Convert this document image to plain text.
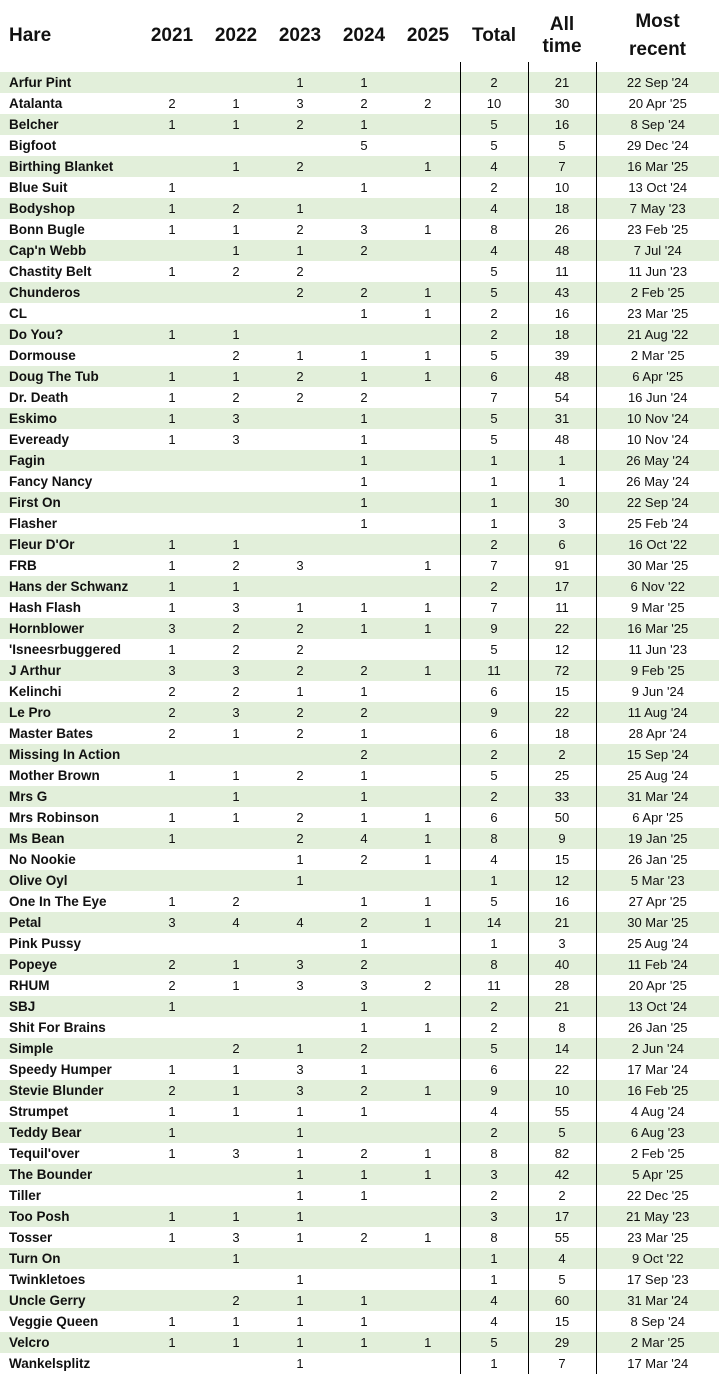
Hare	2021	2022	2023	2024	2025	Total	All time	Most
recent
Arfur Pint			1	1		2	21	22 Sep '24
Atalanta	2	1	3	2	2	10	30	20 Apr '25
Belcher	1	1	2	1		5	16	8 Sep '24
Bigfoot				5		5	5	29 Dec '24
Birthing Blanket		1	2		1	4	7	16 Mar '25
Blue Suit	1			1		2	10	13 Oct '24
Bodyshop	1	2	1			4	18	7 May '23
Bonn Bugle	1	1	2	3	1	8	26	23 Feb '25
Cap'n Webb		1	1	2		4	48	7 Jul '24
Chastity Belt	1	2	2			5	11	11 Jun '23
Chunderos			2	2	1	5	43	2 Feb '25
CL				1	1	2	16	23 Mar '25
Do You?	1	1				2	18	21 Aug '22
Dormouse		2	1	1	1	5	39	2 Mar '25
Doug The Tub	1	1	2	1	1	6	48	6 Apr '25
Dr. Death	1	2	2	2		7	54	16 Jun '24
Eskimo	1	3		1		5	31	10 Nov '24
Eveready	1	3		1		5	48	10 Nov '24
Fagin				1		1	1	26 May '24
Fancy Nancy				1		1	1	26 May '24
First On				1		1	30	22 Sep '24
Flasher				1		1	3	25 Feb '24
Fleur D'Or	1	1				2	6	16 Oct '22
FRB	1	2	3		1	7	91	30 Mar '25
Hans der Schwanz	1	1				2	17	6 Nov '22
Hash Flash	1	3	1	1	1	7	11	9 Mar '25
Hornblower	3	2	2	1	1	9	22	16 Mar '25
'Isneesrbuggered	1	2	2			5	12	11 Jun '23
J Arthur	3	3	2	2	1	11	72	9 Feb '25
Kelinchi	2	2	1	1		6	15	9 Jun '24
Le Pro	2	3	2	2		9	22	11 Aug '24
Master Bates	2	1	2	1		6	18	28 Apr '24
Missing In Action				2		2	2	15 Sep '24
Mother Brown	1	1	2	1		5	25	25 Aug '24
Mrs G		1		1		2	33	31 Mar '24
Mrs Robinson	1	1	2	1	1	6	50	6 Apr '25
Ms Bean	1		2	4	1	8	9	19 Jan '25
No Nookie			1	2	1	4	15	26 Jan '25
Olive Oyl			1			1	12	5 Mar '23
One In The Eye	1	2		1	1	5	16	27 Apr '25
Petal	3	4	4	2	1	14	21	30 Mar '25
Pink Pussy				1		1	3	25 Aug '24
Popeye	2	1	3	2		8	40	11 Feb '24
RHUM	2	1	3	3	2	11	28	20 Apr '25
SBJ	1			1		2	21	13 Oct '24
Shit For Brains				1	1	2	8	26 Jan '25
Simple		2	1	2		5	14	2 Jun '24
Speedy Humper	1	1	3	1		6	22	17 Mar '24
Stevie Blunder	2	1	3	2	1	9	10	16 Feb '25
Strumpet	1	1	1	1		4	55	4 Aug '24
Teddy Bear	1		1			2	5	6 Aug '23
Tequil'over	1	3	1	2	1	8	82	2 Feb '25
The Bounder			1	1	1	3	42	5 Apr '25
Tiller			1	1		2	2	22 Dec '25
Too Posh	1	1	1			3	17	21 May '23
Tosser	1	3	1	2	1	8	55	23 Mar '25
Turn On		1				1	4	9 Oct '22
Twinkletoes			1			1	5	17 Sep '23
Uncle Gerry		2	1	1		4	60	31 Mar '24
Veggie Queen	1	1	1	1		4	15	8 Sep '24
Velcro	1	1	1	1	1	5	29	2 Mar '25
Wankelsplitz			1			1	7	17 Mar '24
